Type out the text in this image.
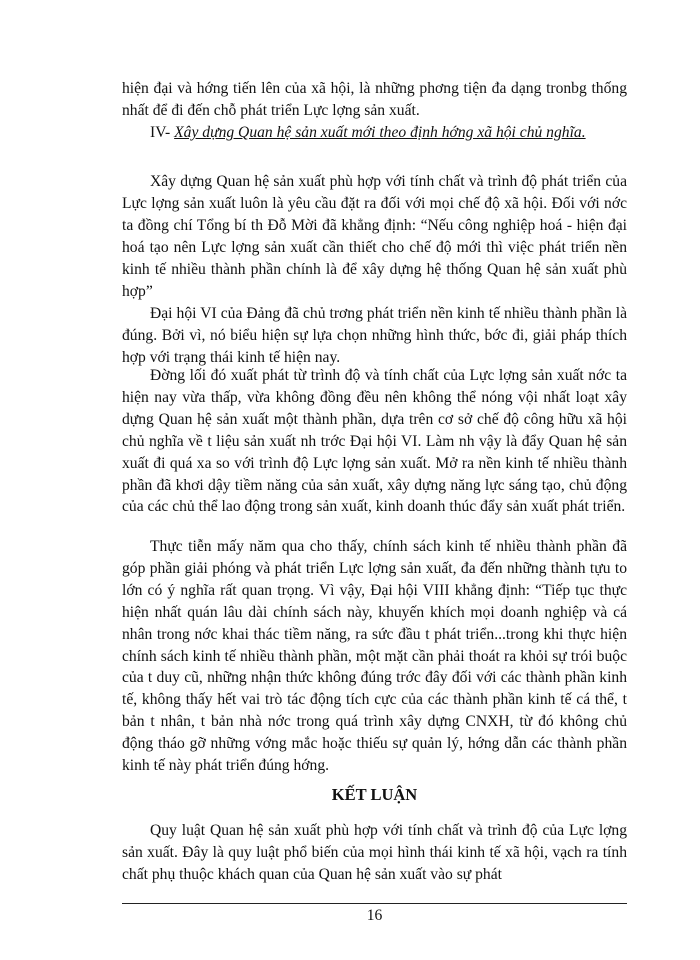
hiện đại và hớng tiến lên của xã hội, là những phơng tiện đa dạng tronbg thống nhất để đi đến chỗ phát triển Lực lợng sản xuất.

IV- Xây dựng Quan hệ sản xuất mới theo định hớng xã hội chủ nghĩa.

Xây dựng Quan hệ sản xuất phù hợp với tính chất và trình độ phát triển của Lực lợng sản xuất luôn là yêu cầu đặt ra đối với mọi chế độ xã hội. Đối với nớc ta đồng chí Tổng bí th Đỗ Mời đã khẳng định: “Nếu công nghiệp hoá - hiện đại hoá tạo nên Lực lợng sản xuất cần thiết cho chế độ mới thì việc phát triển nền kinh tế nhiều thành phần chính là để xây dựng hệ thống Quan hệ sản xuất phù hợp”

Đại hội VI của Đảng đã chủ trơng phát triển nền kinh tế nhiều thành phần là đúng. Bởi vì, nó biểu hiện sự lựa chọn những hình thức, bớc đi, giải pháp thích hợp với trạng thái kinh tế hiện nay.

Đờng lối đó xuất phát từ trình độ và tính chất của Lực lợng sản xuất nớc ta hiện nay vừa thấp, vừa không đồng đều nên không thể nóng vội nhất loạt xây dựng Quan hệ sản xuất một thành phần, dựa trên cơ sở chế độ công hữu xã hội chủ nghĩa về t liệu sản xuất nh trớc Đại hội VI. Làm nh vậy là đẩy Quan hệ sản xuất đi quá xa so với trình độ Lực lợng sản xuất. Mở ra nền kinh tế nhiều thành phần đã khơi dậy tiềm năng của sản xuất, xây dựng năng lực sáng tạo, chủ động của các chủ thể lao động trong sản xuất, kinh doanh thúc đẩy sản xuất phát triển.

Thực tiễn mấy năm qua cho thấy, chính sách kinh tế nhiều thành phần đã góp phần giải phóng và phát triển Lực lợng sản xuất, đa đến những thành tựu to lớn có ý nghĩa rất quan trọng. Vì vậy, Đại hội VIII khẳng định: “Tiếp tục thực hiện nhất quán lâu dài chính sách này, khuyến khích mọi doanh nghiệp và cá nhân trong nớc khai thác tiềm năng, ra sức đầu t phát triển...trong khi thực hiện chính sách kinh tế nhiều thành phần, một mặt cần phải thoát ra khỏi sự trói buộc của t duy cũ, những nhận thức không đúng trớc đây đối với các thành phần kinh tế, không thấy hết vai trò tác động tích cực của các thành phần kinh tế cá thể, t bản t nhân, t bản nhà nớc trong quá trình xây dựng CNXH, từ đó không chủ động tháo gỡ những vớng mắc hoặc thiếu sự quản lý, hớng dẫn các thành phần kinh tế này phát triển đúng hớng.

KẾT LUẬN

Quy luật Quan hệ sản xuất phù hợp với tính chất và trình độ của Lực lợng sản xuất. Đây là quy luật phổ biến của mọi hình thái kinh tế xã hội, vạch ra tính chất phụ thuộc khách quan của Quan hệ sản xuất vào sự phát

16
